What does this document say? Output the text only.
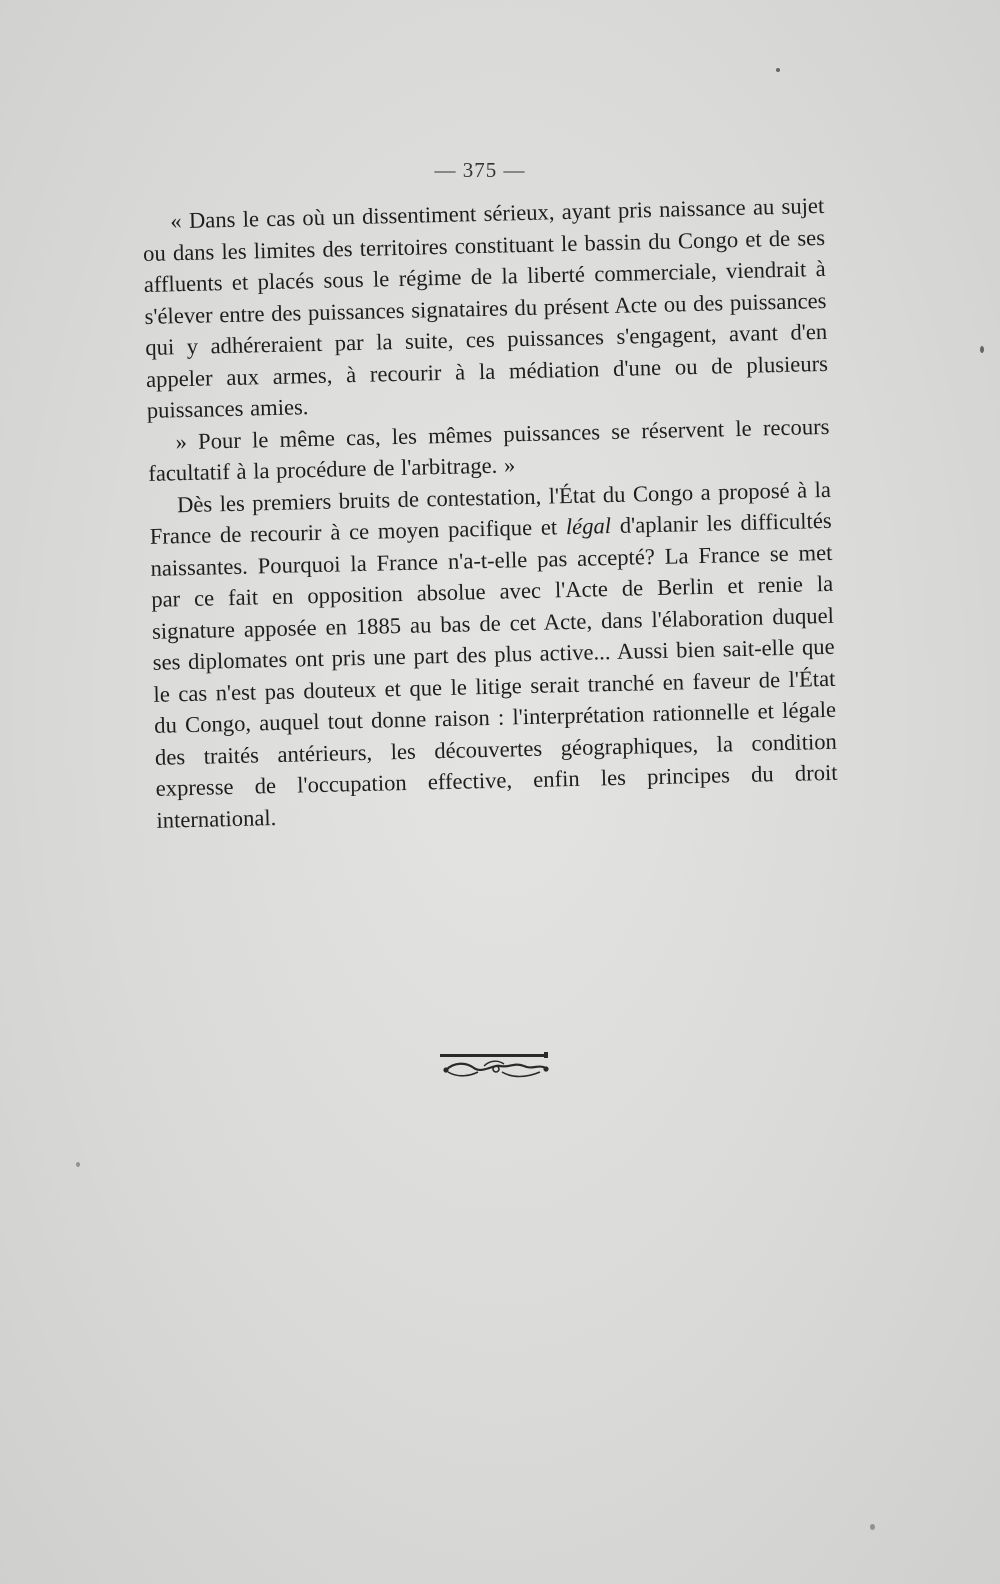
— 375 —

« Dans le cas où un dissentiment sérieux, ayant pris naissance au sujet ou dans les limites des territoires constituant le bassin du Congo et de ses affluents et placés sous le régime de la liberté commerciale, viendrait à s'élever entre des puissances signataires du présent Acte ou des puissances qui y adhéreraient par la suite, ces puissances s'engagent, avant d'en appeler aux armes, à recourir à la médiation d'une ou de plusieurs puissances amies.

» Pour le même cas, les mêmes puissances se réservent le recours facultatif à la procédure de l'arbitrage. »

Dès les premiers bruits de contestation, l'État du Congo a proposé à la France de recourir à ce moyen pacifique et légal d'aplanir les difficultés naissantes. Pourquoi la France n'a-t-elle pas accepté? La France se met par ce fait en opposition absolue avec l'Acte de Berlin et renie la signature apposée en 1885 au bas de cet Acte, dans l'élaboration duquel ses diplomates ont pris une part des plus active... Aussi bien sait-elle que le cas n'est pas douteux et que le litige serait tranché en faveur de l'État du Congo, auquel tout donne raison : l'interprétation rationnelle et légale des traités antérieurs, les découvertes géographiques, la condition expresse de l'occupation effective, enfin les principes du droit international.
